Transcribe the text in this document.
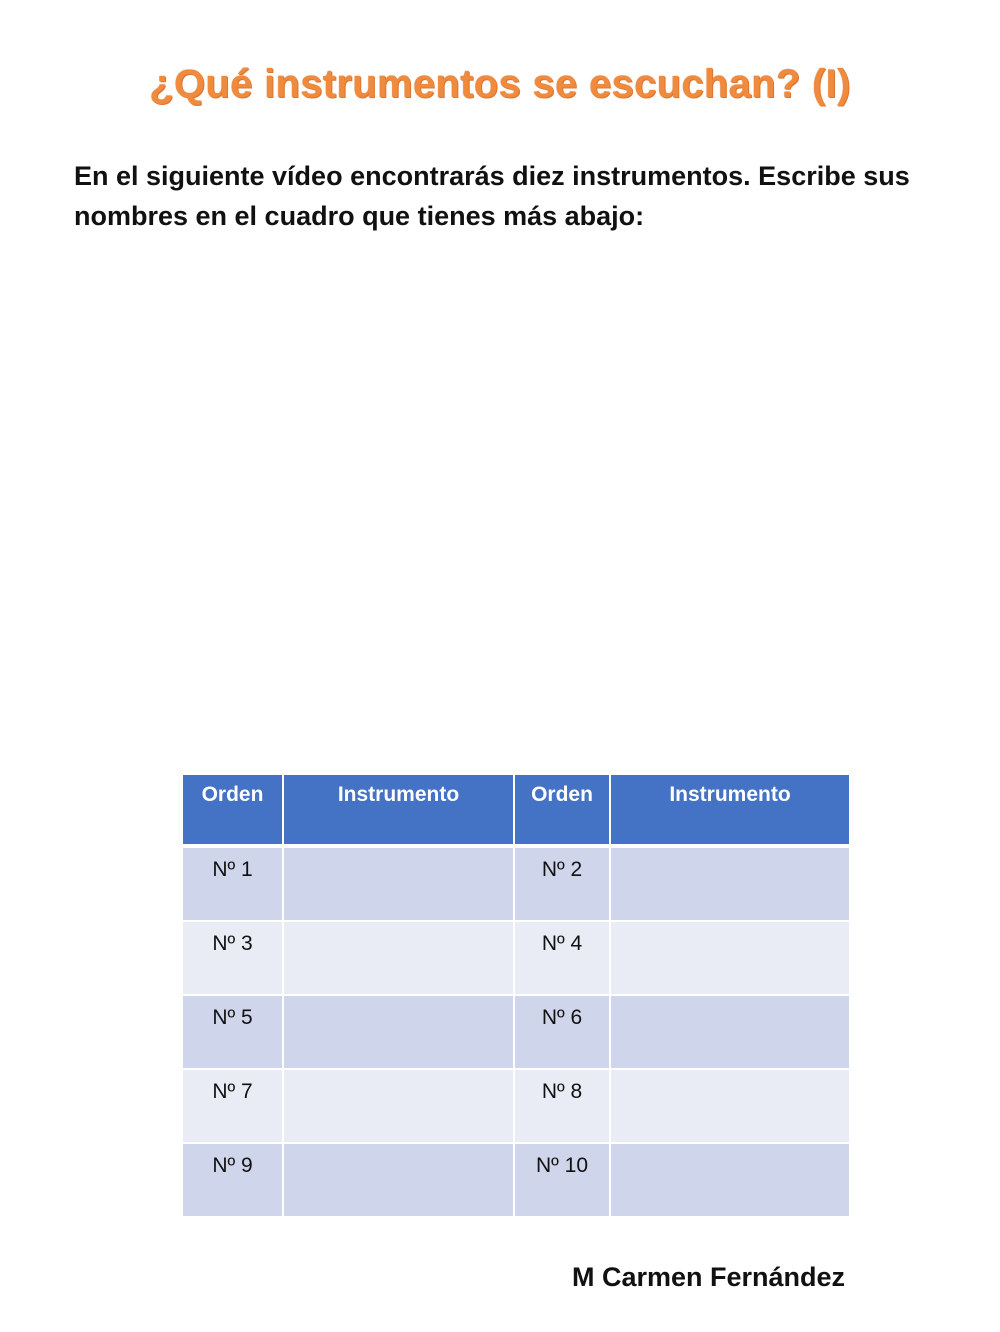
¿Qué instrumentos se escuchan? (I)

En el siguiente vídeo encontrarás diez instrumentos. Escribe sus nombres en el cuadro que tienes más abajo:

Orden	Instrumento	Orden	Instrumento
Nº 1		Nº 2	
Nº 3		Nº 4	
Nº 5		Nº 6	
Nº 7		Nº 8	
Nº 9		Nº 10	

M Carmen Fernández
